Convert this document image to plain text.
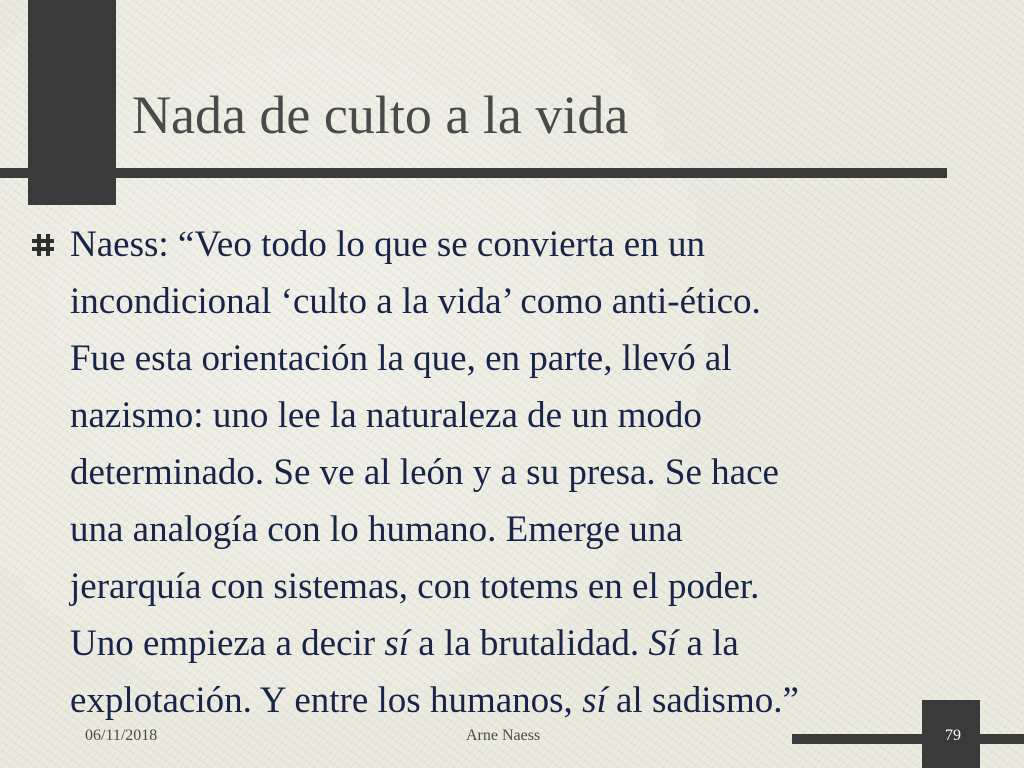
Nada de culto a la vida
Naess: “Veo todo lo que se convierta en un
incondicional ‘culto a la vida’ como anti-ético.
Fue esta orientación la que, en parte, llevó al
nazismo: uno lee la naturaleza de un modo
determinado. Se ve al león y a su presa. Se hace
una analogía con lo humano. Emerge una
jerarquía con sistemas, con totems en el poder.
Uno empieza a decir sí a la brutalidad. Sí a la
explotación. Y entre los humanos, sí al sadismo.”
06/11/2018	Arne Naess	79
